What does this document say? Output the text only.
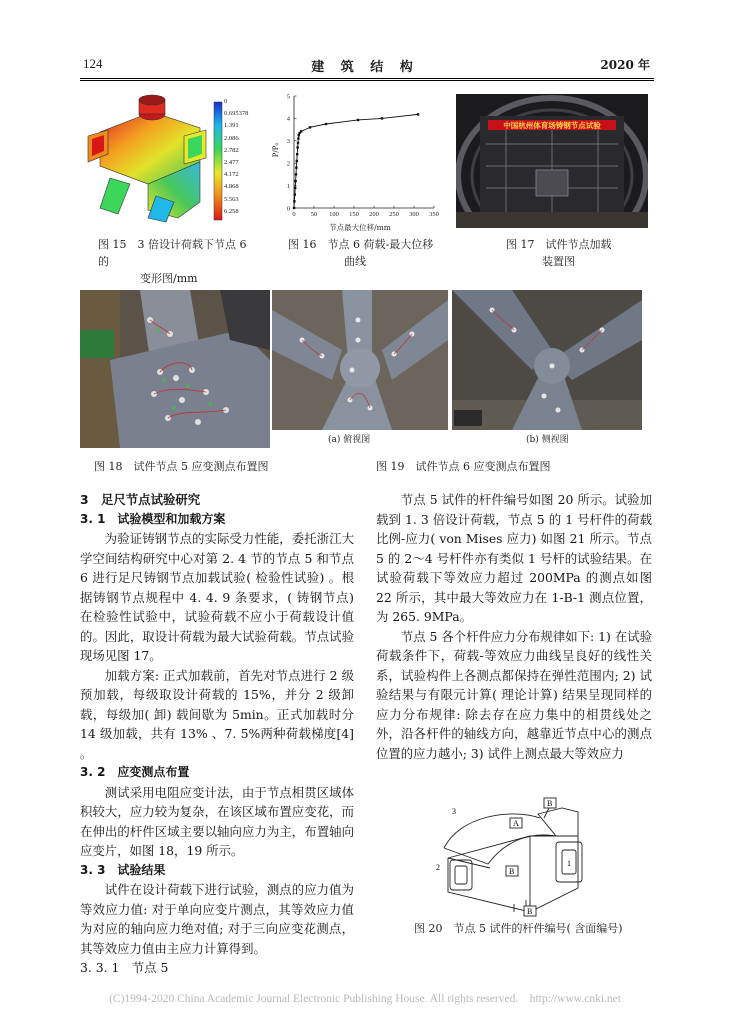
124	建 筑 结 构	2020 年
0
0.695378
1.391
2.086
2.782
2.477
4.172
4.868
5.563
6.258
图 15　3 倍设计荷载下节点 6 的
变形图/mm
P/P₀
节点最大位移/mm
0 50 100 150 200 250 300 350
0
1
2
3
4
5
图 16　节点 6 荷载-最大位移
曲线
中国杭州体育场铸钢节点试验
图 17　试件节点加载
装置图
图 18　试件节点 5 应变测点布置图
(a) 俯视图	(b) 侧视图
图 19　试件节点 6 应变测点布置图

3　足尺节点试验研究

3. 1　试验模型和加载方案

为验证铸钢节点的实际受力性能，委托浙江大学空间结构研究中心对第 2. 4 节的节点 5 和节点 6 进行足尺铸钢节点加载试验( 检验性试验) 。根据铸钢节点规程中 4. 4. 9 条要求，( 铸钢节点) 在检验性试验中，试验荷载不应小于荷载设计值的。因此，取设计荷载为最大试验荷载。节点试验现场见图 17。

加载方案: 正式加载前，首先对节点进行 2 级预加载，每级取设计荷载的 15%，并分 2 级卸载，每级加( 卸) 载间歇为 5min。正式加载时分 14 级加载，共有 13% 、7. 5%两种荷载梯度[4] 。

3. 2　应变测点布置

测试采用电阻应变计法，由于节点相贯区域体积较大，应力较为复杂，在该区域布置应变花，而在伸出的杆件区域主要以轴向应力为主，布置轴向应变片，如图 18，19 所示。

3. 3　试验结果

试件在设计荷载下进行试验，测点的应力值为等效应力值: 对于单向应变片测点，其等效应力值为对应的轴向应力绝对值; 对于三向应变花测点，其等效应力值由主应力计算得到。

3. 3. 1　节点 5

节点 5 试件的杆件编号如图 20 所示。试验加载到 1. 3 倍设计荷载，节点 5 的 1 号杆件的荷载比例-应力( von Mises 应力) 如图 21 所示。节点 5 的 2～4 号杆件亦有类似 1 号杆的试验结果。在试验荷载下等效应力超过 200MPa 的测点如图 22 所示，其中最大等效应力在 1-B-1 测点位置，为 265. 9MPa。

节点 5 各个杆件应力分布规律如下: 1) 在试验荷载条件下，荷载-等效应力曲线呈良好的线性关系，试验构件上各测点都保持在弹性范围内; 2) 试验结果与有限元计算( 理论计算) 结果呈现同样的应力分布规律: 除去存在应力集中的相贯线处之外，沿各杆件的轴线方向，越靠近节点中心的测点位置的应力越小; 3) 试件上测点最大等效应力

3
2	1
A
B
B
B
图 20　节点 5 试件的杆件编号( 含面编号)
(C)1994-2020 China Academic Journal Electronic Publishing House. All rights reserved.　http://www.cnki.net
